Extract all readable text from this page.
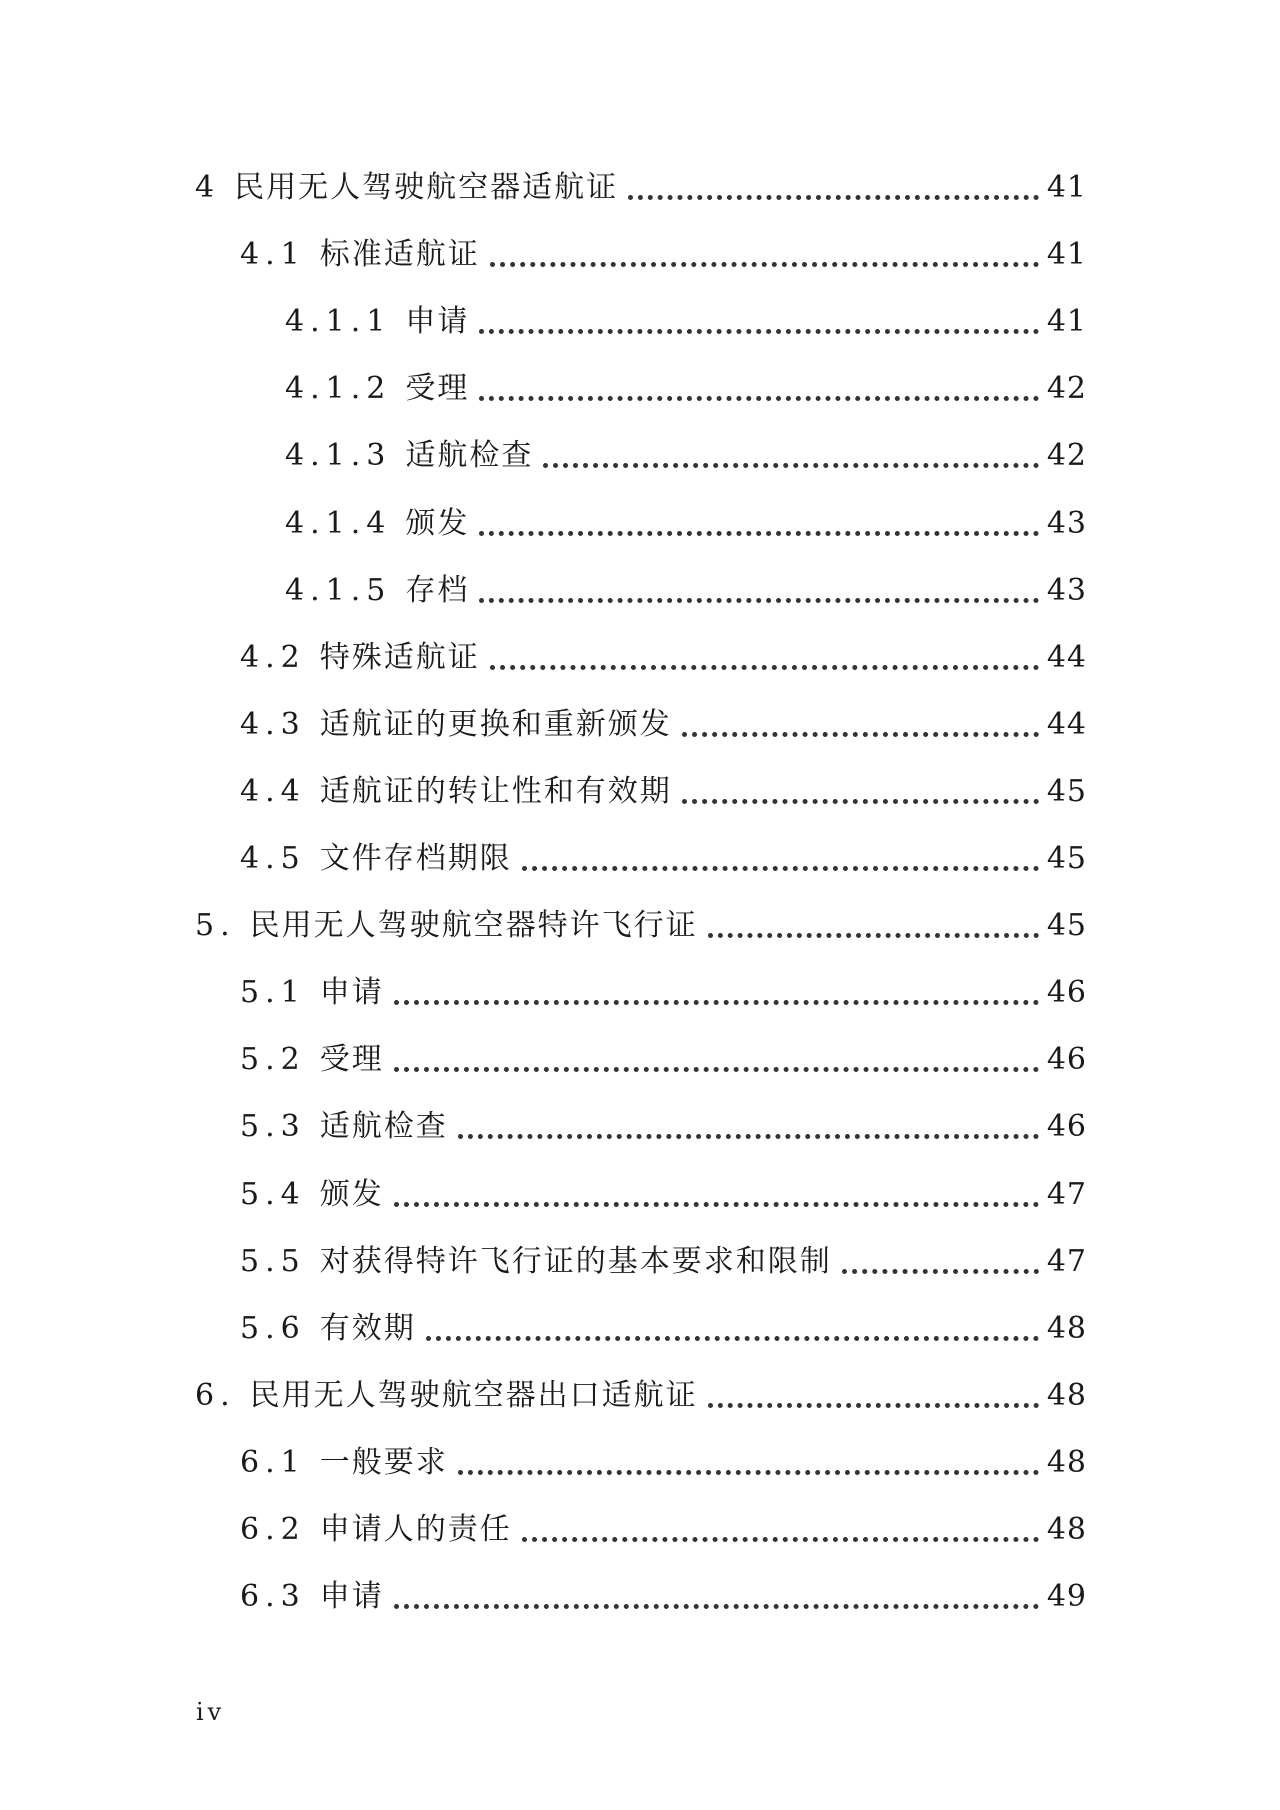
4 民用无人驾驶航空器适航证	41
4.1 标准适航证	41
4.1.1 申请	41
4.1.2 受理	42
4.1.3 适航检查	42
4.1.4 颁发	43
4.1.5 存档	43
4.2 特殊适航证	44
4.3 适航证的更换和重新颁发	44
4.4 适航证的转让性和有效期	45
4.5 文件存档期限	45
5. 民用无人驾驶航空器特许飞行证	45
5.1 申请	46
5.2 受理	46
5.3 适航检查	46
5.4 颁发	47
5.5 对获得特许飞行证的基本要求和限制	47
5.6 有效期	48
6. 民用无人驾驶航空器出口适航证	48
6.1 一般要求	48
6.2 申请人的责任	48
6.3 申请	49
iv
